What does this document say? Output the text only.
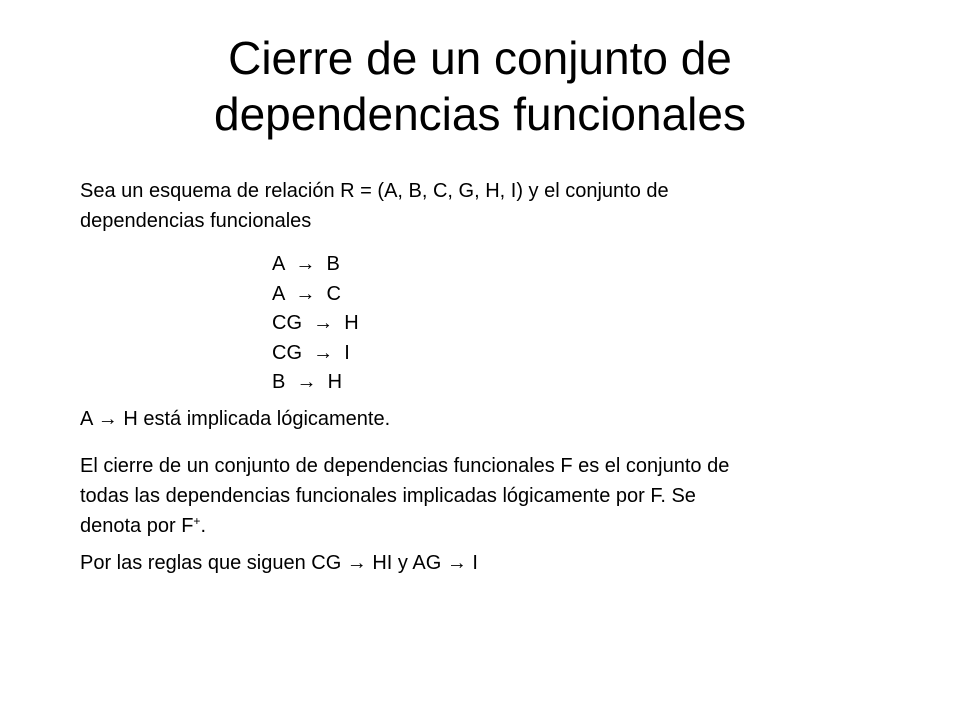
Cierre de un conjunto de
dependencias funcionales

Sea un esquema de relación R = (A, B, C, G, H, I) y el conjunto de
dependencias funcionales

A  →  B
A  →  C
CG  →  H
CG  →  I
B  →  H

A → H está implicada lógicamente.

El cierre de un conjunto de dependencias funcionales F es el conjunto de
todas las dependencias funcionales implicadas lógicamente por F. Se
denota por F+.

Por las reglas que siguen CG → HI y AG → I
